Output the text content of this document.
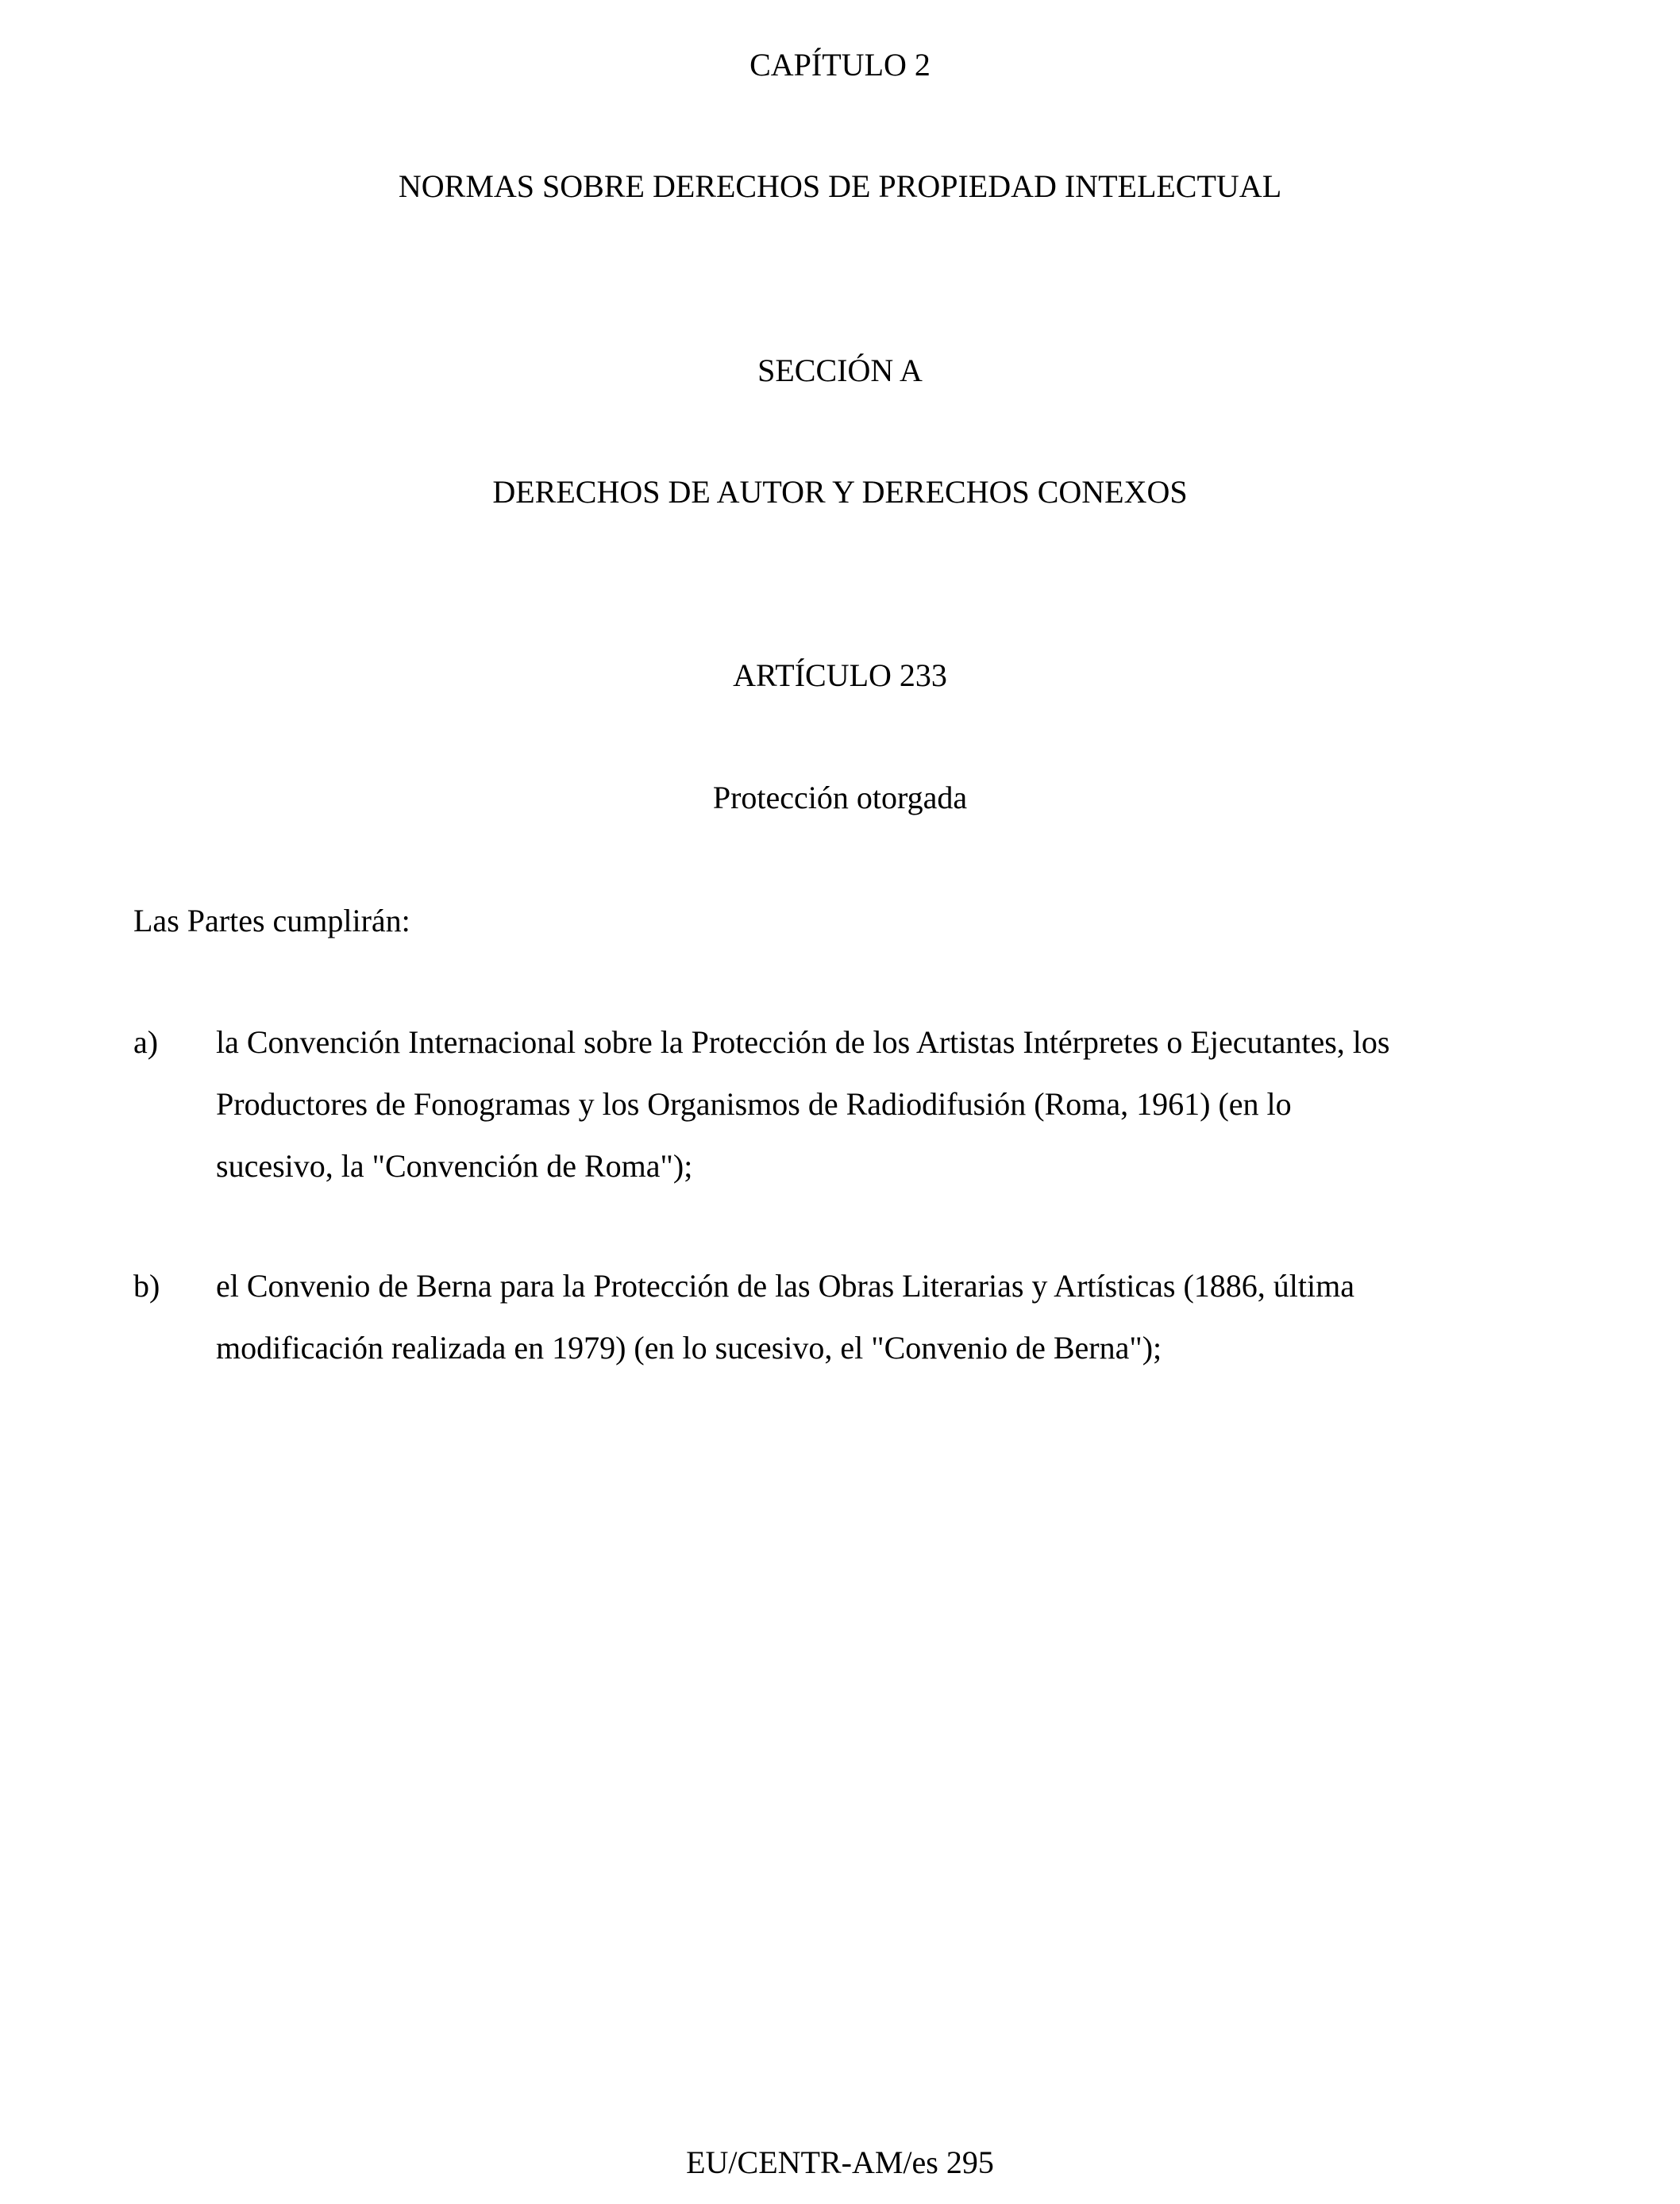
CAPÍTULO 2
NORMAS SOBRE DERECHOS DE PROPIEDAD INTELECTUAL
SECCIÓN A
DERECHOS DE AUTOR Y DERECHOS CONEXOS
ARTÍCULO 233
Protección otorgada
Las Partes cumplirán:
a) la Convención Internacional sobre la Protección de los Artistas Intérpretes o Ejecutantes, los
Productores de Fonogramas y los Organismos de Radiodifusión (Roma, 1961) (en lo
sucesivo, la "Convención de Roma");
b) el Convenio de Berna para la Protección de las Obras Literarias y Artísticas (1886, última
modificación realizada en 1979) (en lo sucesivo, el "Convenio de Berna");
EU/CENTR-AM/es 295
